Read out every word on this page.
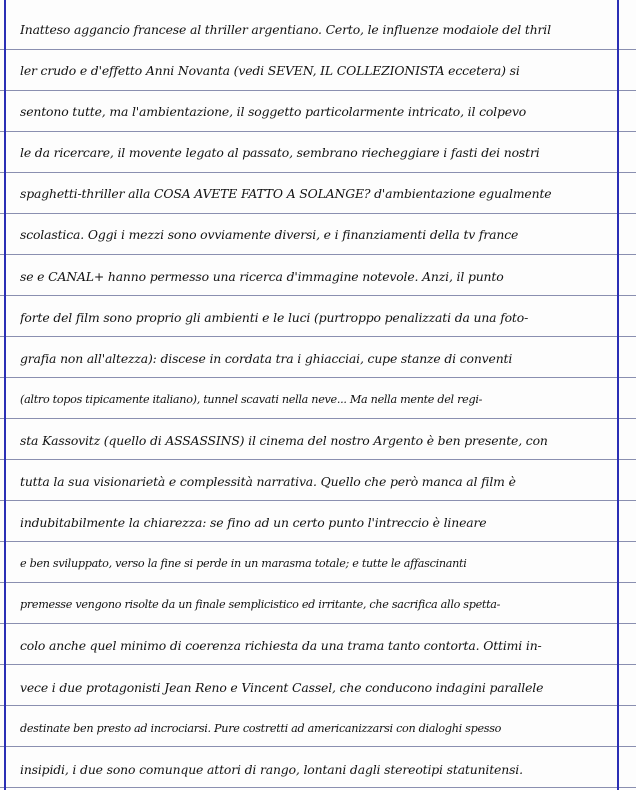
Inatteso aggancio francese al thriller argentiano. Certo, le influenze modaiole del thril
ler crudo e d'effetto Anni Novanta (vedi SEVEN, IL COLLEZIONISTA eccetera) si
sentono tutte, ma l'ambientazione, il soggetto particolarmente intricato, il colpevo
le da ricercare, il movente legato al passato, sembrano riecheggiare i fasti dei nostri
spaghetti-thriller alla COSA AVETE FATTO A SOLANGE? d'ambientazione egualmente
scolastica. Oggi i mezzi sono ovviamente diversi, e i finanziamenti della tv france
se e CANAL+ hanno permesso una ricerca d'immagine notevole. Anzi, il punto
forte del film sono proprio gli ambienti e le luci (purtroppo penalizzati da una foto-
grafia non all'altezza): discese in cordata tra i ghiacciai, cupe stanze di conventi
(altro topos tipicamente italiano), tunnel scavati nella neve... Ma nella mente del regi-
sta Kassovitz (quello di ASSASSINS) il cinema del nostro Argento è ben presente, con
tutta la sua visionarietà e complessità narrativa. Quello che però manca al film è
indubitabilmente la chiarezza: se fino ad un certo punto l'intreccio è lineare
e ben sviluppato, verso la fine si perde in un marasma totale; e tutte le affascinanti
premesse vengono risolte da un finale semplicistico ed irritante, che sacrifica allo spetta-
colo anche quel minimo di coerenza richiesta da una trama tanto contorta. Ottimi in-
vece i due protagonisti Jean Reno e Vincent Cassel, che conducono indagini parallele
destinate ben presto ad incrociarsi. Pure costretti ad americanizzarsi con dialoghi spesso
insipidi, i due sono comunque attori di rango, lontani dagli stereotipi statunitensi.
